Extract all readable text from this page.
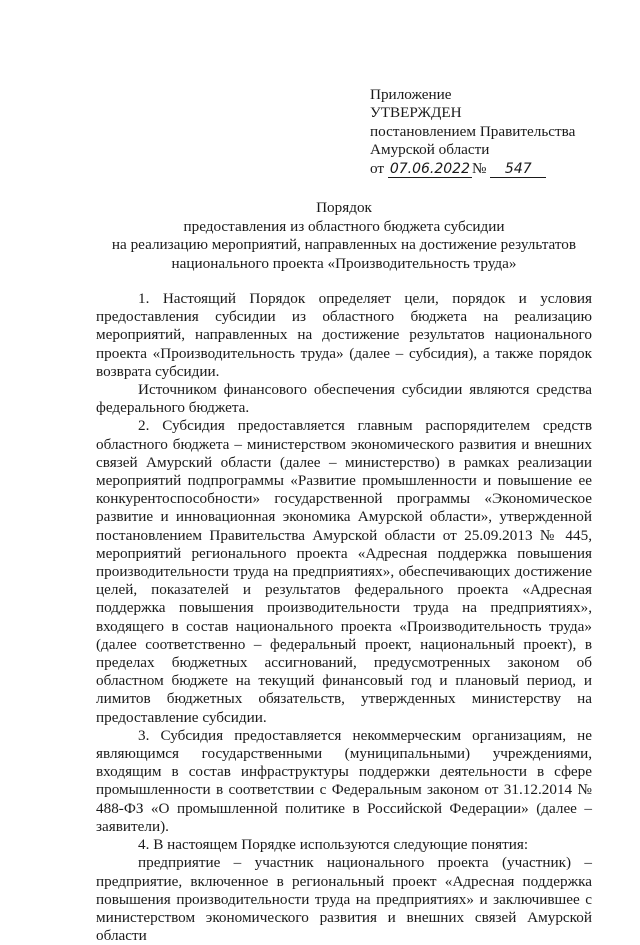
Приложение
УТВЕРЖДЕН
постановлением Правительства
Амурской области
от 07.06.2022 № 547
Порядок
предоставления из областного бюджета субсидии
на реализацию мероприятий, направленных на достижение результатов
национального проекта «Производительность труда»

1. Настоящий Порядок определяет цели, порядок и условия предоставления субсидии из областного бюджета на реализацию мероприятий, направленных на достижение результатов национального проекта «Производительность труда» (далее – субсидия), а также порядок возврата субсидии.

Источником финансового обеспечения субсидии являются средства федерального бюджета.

2. Субсидия предоставляется главным распорядителем средств областного бюджета – министерством экономического развития и внешних связей Амурский области (далее – министерство) в рамках реализации мероприятий подпрограммы «Развитие промышленности и повышение ее конкурентоспособности» государственной программы «Экономическое развитие и инновационная экономика Амурской области», утвержденной постановлением Правительства Амурской области от 25.09.2013 № 445, мероприятий регионального проекта «Адресная поддержка повышения производительности труда на предприятиях», обеспечивающих достижение целей, показателей и результатов федерального проекта «Адресная поддержка повышения производительности труда на предприятиях», входящего в состав национального проекта «Производительность труда» (далее соответственно – федеральный проект, национальный проект), в пределах бюджетных ассигнований, предусмотренных законом об областном бюджете на текущий финансовый год и плановый период, и лимитов бюджетных обязательств, утвержденных министерству на предоставление субсидии.

3. Субсидия предоставляется некоммерческим организациям, не являющимся государственными (муниципальными) учреждениями, входящим в состав инфраструктуры поддержки деятельности в сфере промышленности в соответствии с Федеральным законом от 31.12.2014 № 488-ФЗ «О промышленной политике в Российской Федерации» (далее – заявители).

4. В настоящем Порядке используются следующие понятия:

предприятие – участник национального проекта (участник) – предприятие, включенное в региональный проект «Адресная поддержка повышения производительности труда на предприятиях» и заключившее с министерством экономического развития и внешних связей Амурской области
